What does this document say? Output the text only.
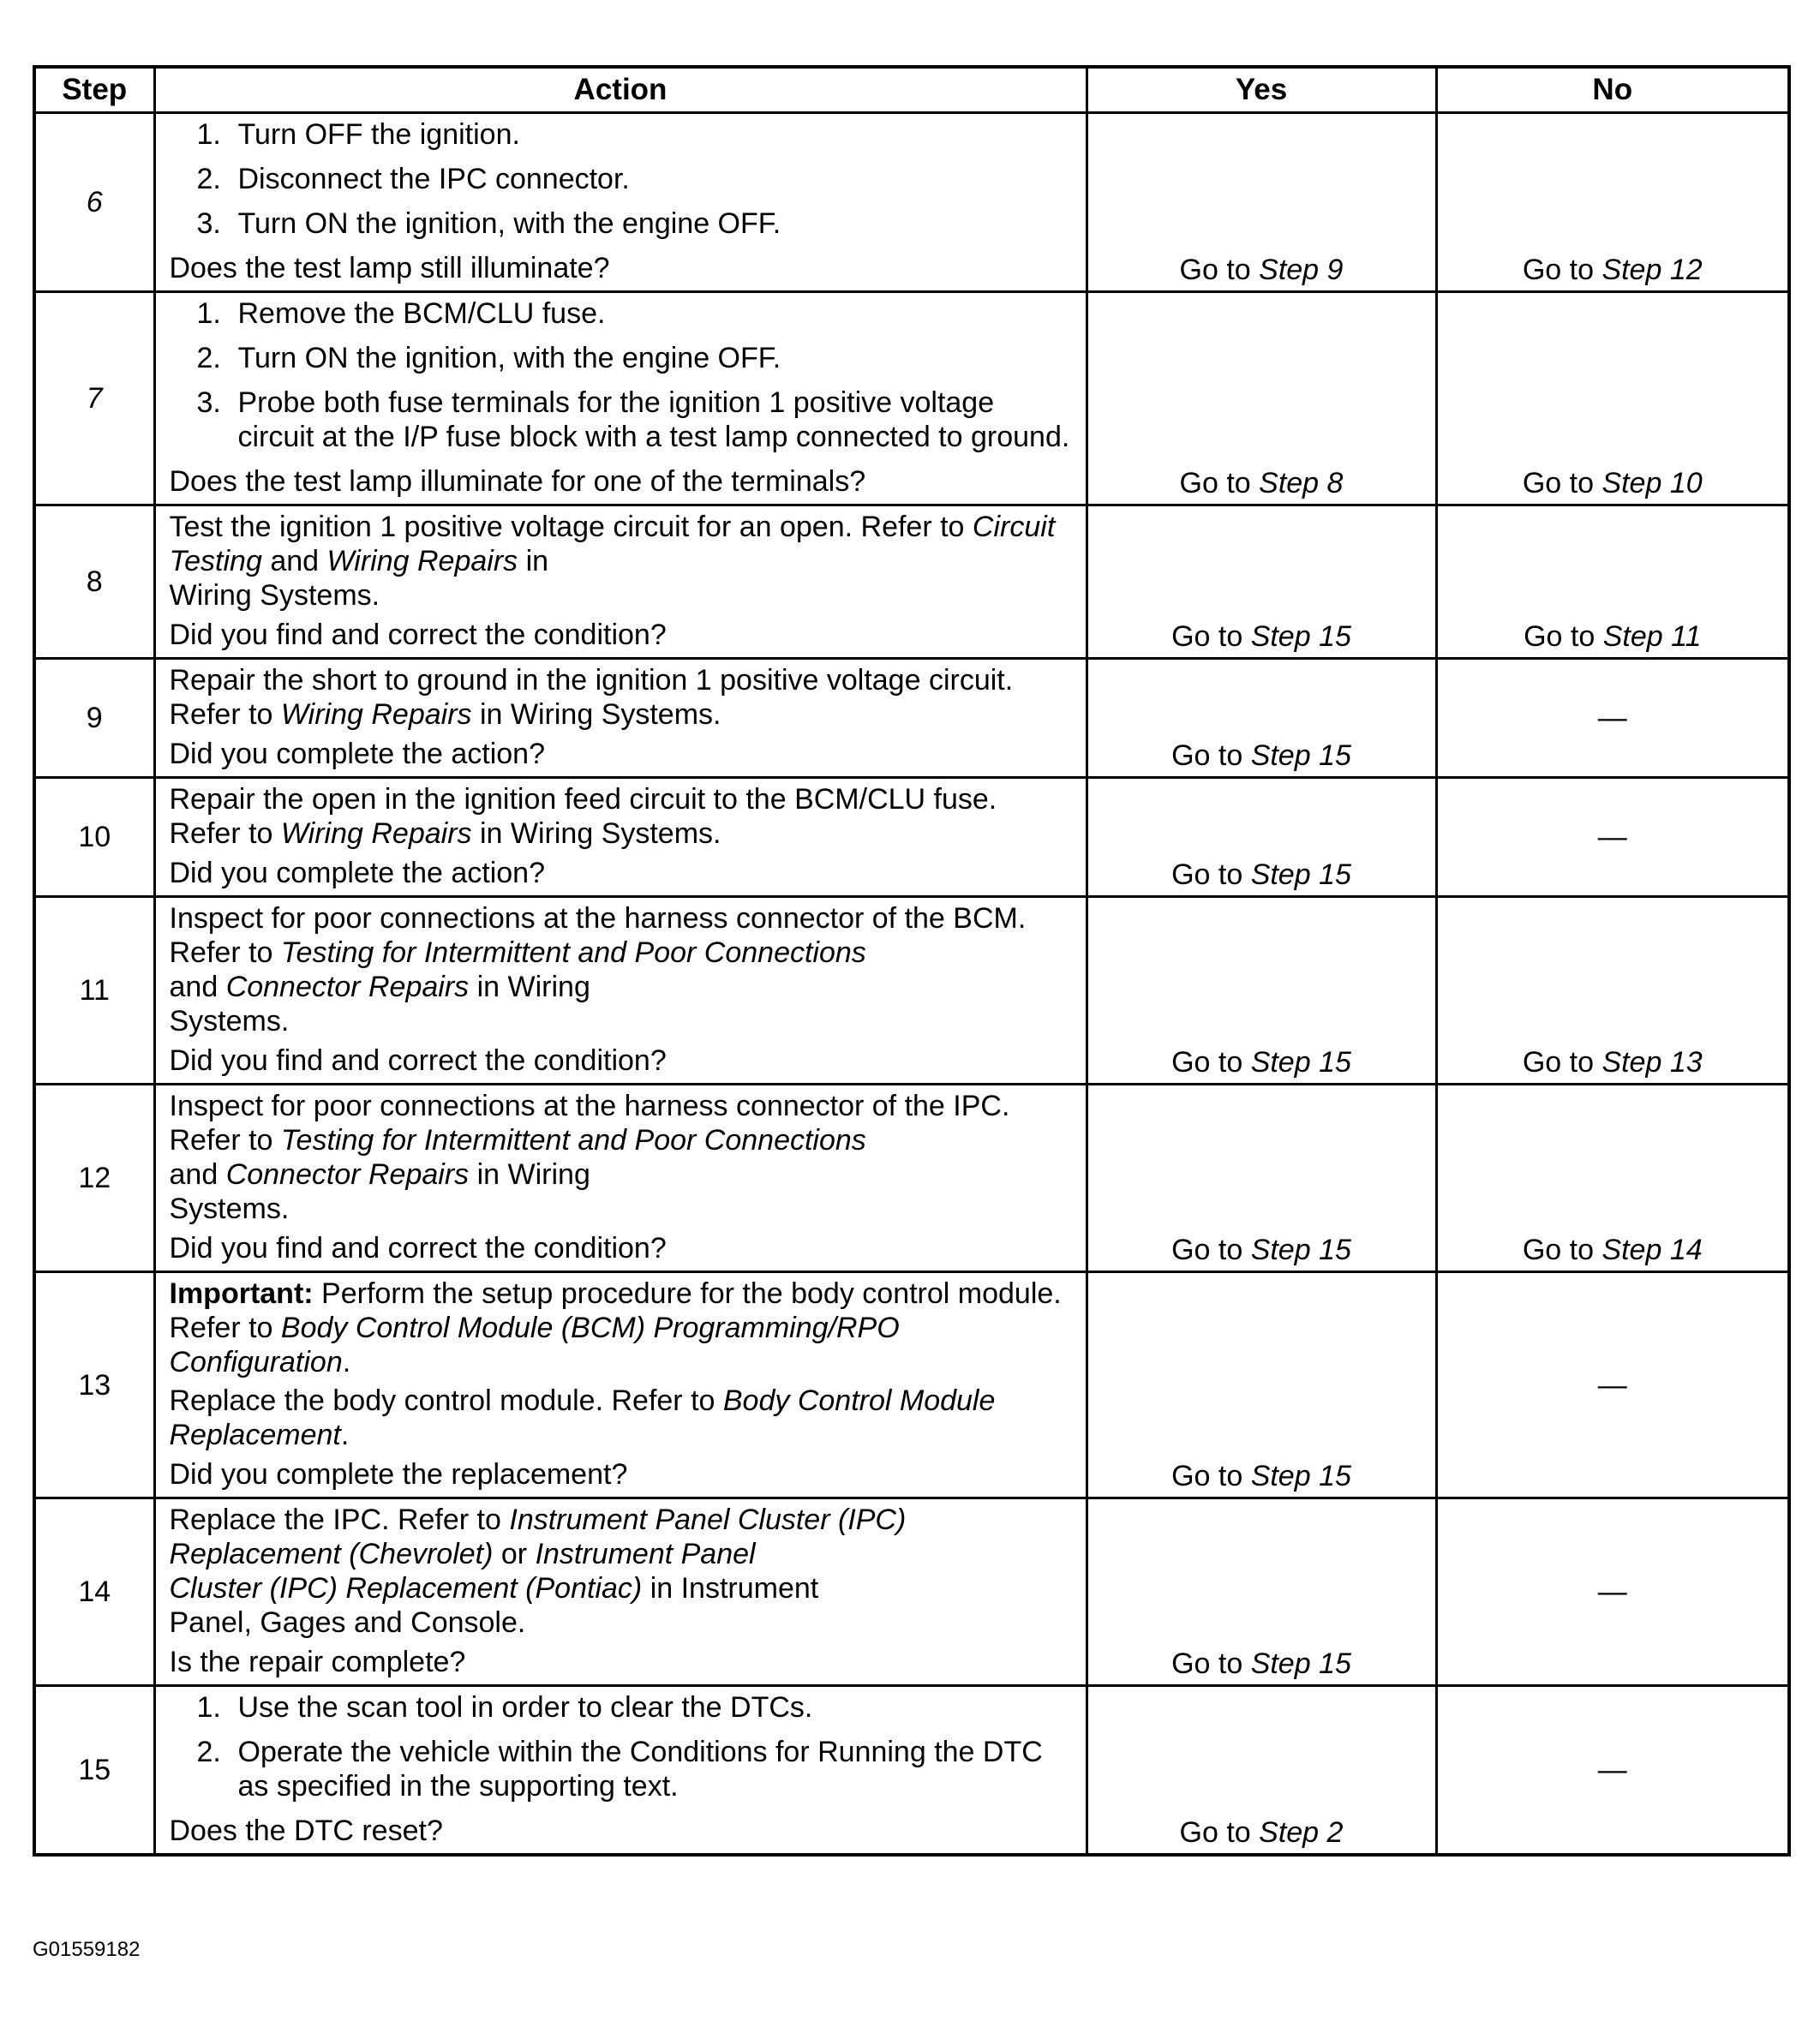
Step	Action	Yes	No
6	1. Turn OFF the ignition.
2. Disconnect the IPC connector.
3. Turn ON the ignition, with the engine OFF.
Does the test lamp still illuminate?	Go to Step 9	Go to Step 12
7	1. Remove the BCM/CLU fuse.
2. Turn ON the ignition, with the engine OFF.
3. Probe both fuse terminals for the ignition 1 positive voltage circuit at the I/P fuse block with a test lamp connected to ground.
Does the test lamp illuminate for one of the terminals?	Go to Step 8	Go to Step 10
8	Test the ignition 1 positive voltage circuit for an open. Refer to Circuit Testing and Wiring Repairs in
Wiring Systems.
Did you find and correct the condition?	Go to Step 15	Go to Step 11
9	Repair the short to ground in the ignition 1 positive voltage circuit. Refer to Wiring Repairs in Wiring Systems.
Did you complete the action?	Go to Step 15	—
10	Repair the open in the ignition feed circuit to the BCM/CLU fuse. Refer to Wiring Repairs in Wiring Systems.
Did you complete the action?	Go to Step 15	—
11	Inspect for poor connections at the harness connector of the BCM. Refer to Testing for Intermittent and Poor Connections
and Connector Repairs in Wiring
Systems.
Did you find and correct the condition?	Go to Step 15	Go to Step 13
12	Inspect for poor connections at the harness connector of the IPC. Refer to Testing for Intermittent and Poor Connections
and Connector Repairs in Wiring
Systems.
Did you find and correct the condition?	Go to Step 15	Go to Step 14
13	Important: Perform the setup procedure for the body control module. Refer to Body Control Module (BCM) Programming/RPO Configuration.
Replace the body control module. Refer to Body Control Module Replacement.
Did you complete the replacement?	Go to Step 15	—
14	Replace the IPC. Refer to Instrument Panel Cluster (IPC) Replacement (Chevrolet) or Instrument Panel
Cluster (IPC) Replacement (Pontiac) in Instrument
Panel, Gages and Console.
Is the repair complete?	Go to Step 15	—
15	1. Use the scan tool in order to clear the DTCs.
2. Operate the vehicle within the Conditions for Running the DTC as specified in the supporting text.
Does the DTC reset?	Go to Step 2	—
G01559182
